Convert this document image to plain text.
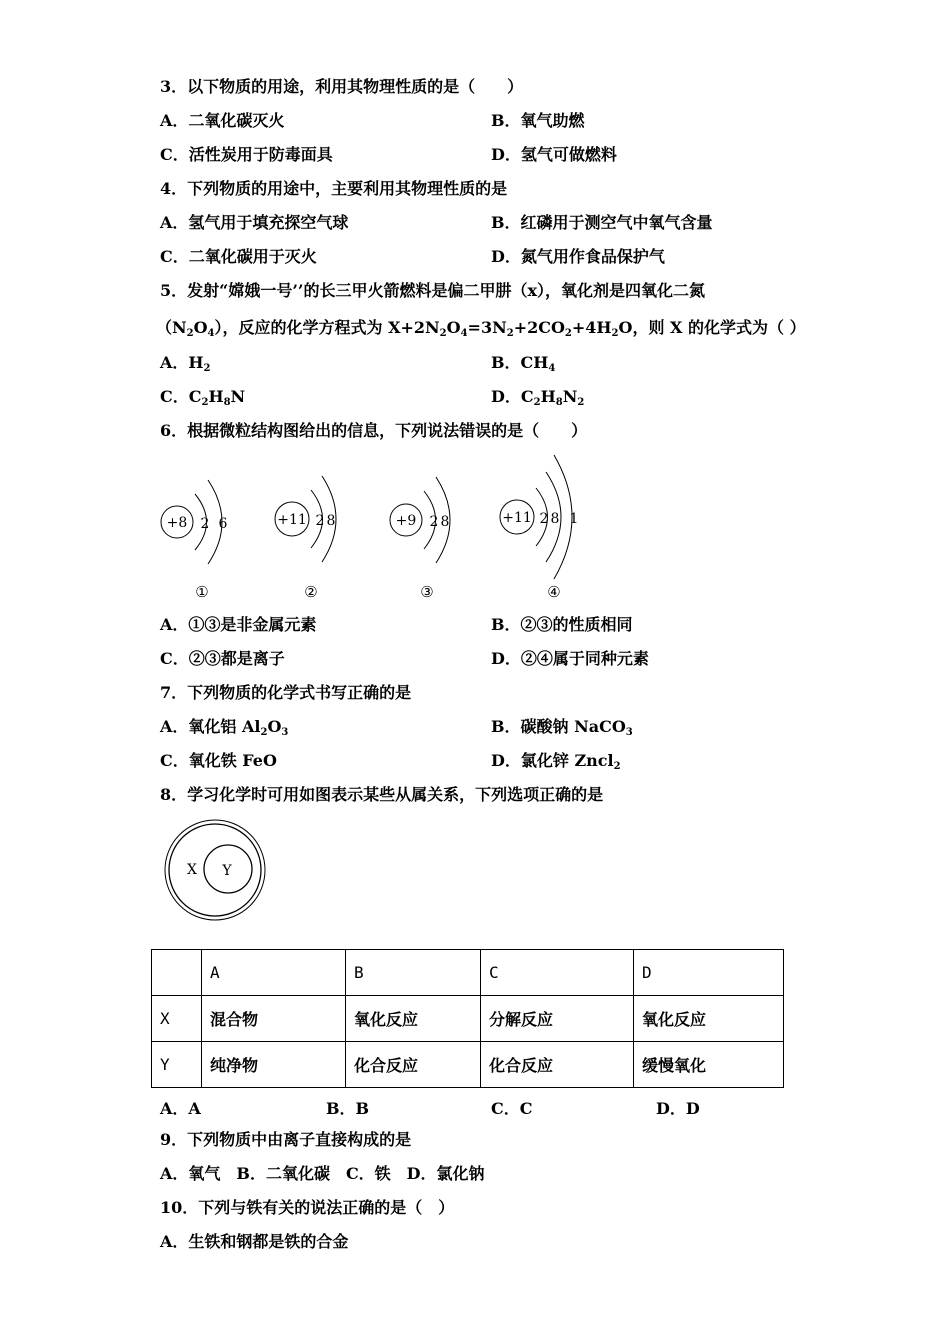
3．以下物质的用途，利用其物理性质的是（　　）
A．二氧化碳灭火	B．氧气助燃
C．活性炭用于防毒面具	D．氢气可做燃料
4．下列物质的用途中，主要利用其物理性质的是
A．氢气用于填充探空气球	B．红磷用于测空气中氧气含量
C．二氧化碳用于灭火	D．氮气用作食品保护气
5．发射“嫦娥一号’’的长三甲火箭燃料是偏二甲肼（x），氧化剂是四氧化二氮
$(N_2O_4)$，反应的化学方程式为 $X+2N_2O_4=3N_2+2CO_2+4H_2O$，则 X 的化学式为（ ）
A．$H_2$	B．$CH_4$
C．$C_2H_8N$	D．$C_2H_8N_2$
6．根据微粒结构图给出的信息，下列说法错误的是（　　）
+8 2 6
①
+11 2 8
②
+9 2 8
③
+11 2 8 1
④
A．①③是非金属元素	B．②③的性质相同
C．②③都是离子	D．②④属于同种元素
7．下列物质的化学式书写正确的是
A．氧化铝 $Al_2O_3$	B．碳酸钠 NaCO$_3$
C．氧化铁 FeO	D．氯化锌 Zncl$_2$
8．学习化学时可用如图表示某些从属关系，下列选项正确的是
X Y
	A	B	C	D
X	混合物	氧化反应	分解反应	氧化反应
Y	纯净物	化合反应	化合反应	缓慢氧化
A．A	B．B	C．C	D．D
9．下列物质中由离子直接构成的是
A．氧气　B．二氧化碳　C．铁　D．氯化钠
10．下列与铁有关的说法正确的是（　）
A．生铁和钢都是铁的合金
